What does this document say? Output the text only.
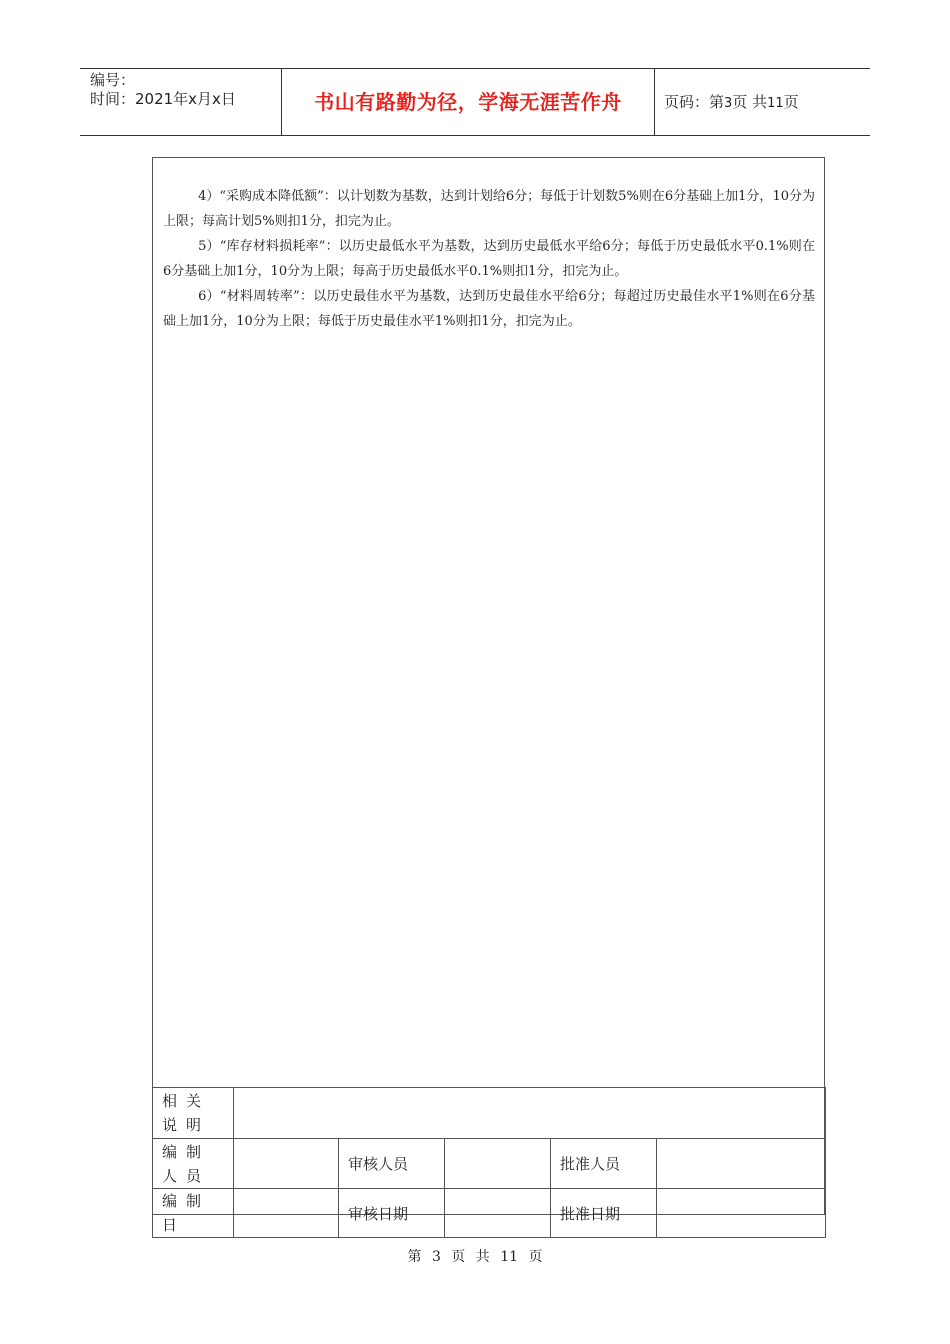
编号：
时间：2021年x月x日	书山有路勤为径，学海无涯苦作舟	页码：第3页 共11页

4）“采购成本降低额”：以计划数为基数，达到计划给6分；每低于计划数5%则在6分基础上加1分，10分为上限；每高计划5%则扣1分，扣完为止。

5）“库存材料损耗率”：以历史最低水平为基数，达到历史最低水平给6分；每低于历史最低水平0.1%则在6分基础上加1分，10分为上限；每高于历史最低水平0.1%则扣1分，扣完为止。

6）“材料周转率”：以历史最佳水平为基数，达到历史最佳水平给6分；每超过历史最佳水平1%则在6分基础上加1分，10分为上限；每低于历史最佳水平1%则扣1分，扣完为止。

相关说明					
编制人员		审核人员		批准人员	
编制日		审核日期		批准日期	
第 3 页 共 11 页
